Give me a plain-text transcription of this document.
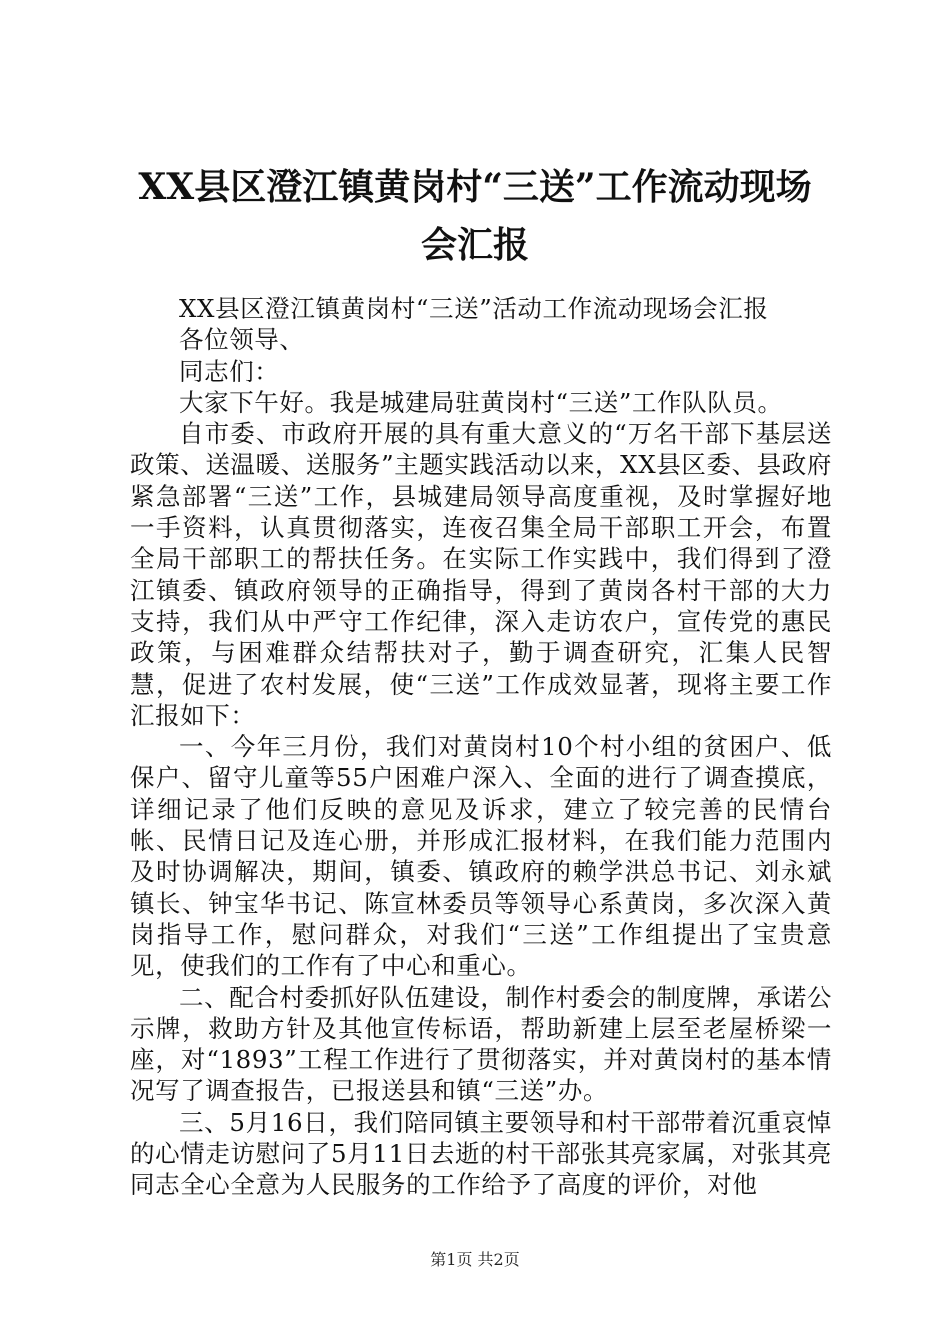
XX县区澄江镇黄岗村“三送”工作流动现场
会汇报

XX县区澄江镇黄岗村“三送”活动工作流动现场会汇报

各位领导、

同志们：

大家下午好。我是城建局驻黄岗村“三送”工作队队员。

自市委、市政府开展的具有重大意义的“万名干部下基层送政策、送温暖、送服务”主题实践活动以来，XX县区委、县政府紧急部署“三送”工作，县城建局领导高度重视，及时掌握好地一手资料，认真贯彻落实，连夜召集全局干部职工开会，布置全局干部职工的帮扶任务。在实际工作实践中，我们得到了澄江镇委、镇政府领导的正确指导，得到了黄岗各村干部的大力支持，我们从中严守工作纪律，深入走访农户，宣传党的惠民政策，与困难群众结帮扶对子，勤于调查研究，汇集人民智慧，促进了农村发展，使“三送”工作成效显著，现将主要工作汇报如下：

一、今年三月份，我们对黄岗村10个村小组的贫困户、低保户、留守儿童等55户困难户深入、全面的进行了调查摸底，详细记录了他们反映的意见及诉求，建立了较完善的民情台帐、民情日记及连心册，并形成汇报材料，在我们能力范围内及时协调解决，期间，镇委、镇政府的赖学洪总书记、刘永斌镇长、钟宝华书记、陈宣林委员等领导心系黄岗，多次深入黄岗指导工作，慰问群众，对我们“三送”工作组提出了宝贵意见，使我们的工作有了中心和重心。

二、配合村委抓好队伍建设，制作村委会的制度牌，承诺公示牌，救助方针及其他宣传标语，帮助新建上层至老屋桥梁一座，对“1893”工程工作进行了贯彻落实，并对黄岗村的基本情况写了调查报告，已报送县和镇“三送”办。

三、5月16日，我们陪同镇主要领导和村干部带着沉重哀悼的心情走访慰问了5月11日去逝的村干部张其亮家属，对张其亮同志全心全意为人民服务的工作给予了高度的评价，对他

第1页 共2页
